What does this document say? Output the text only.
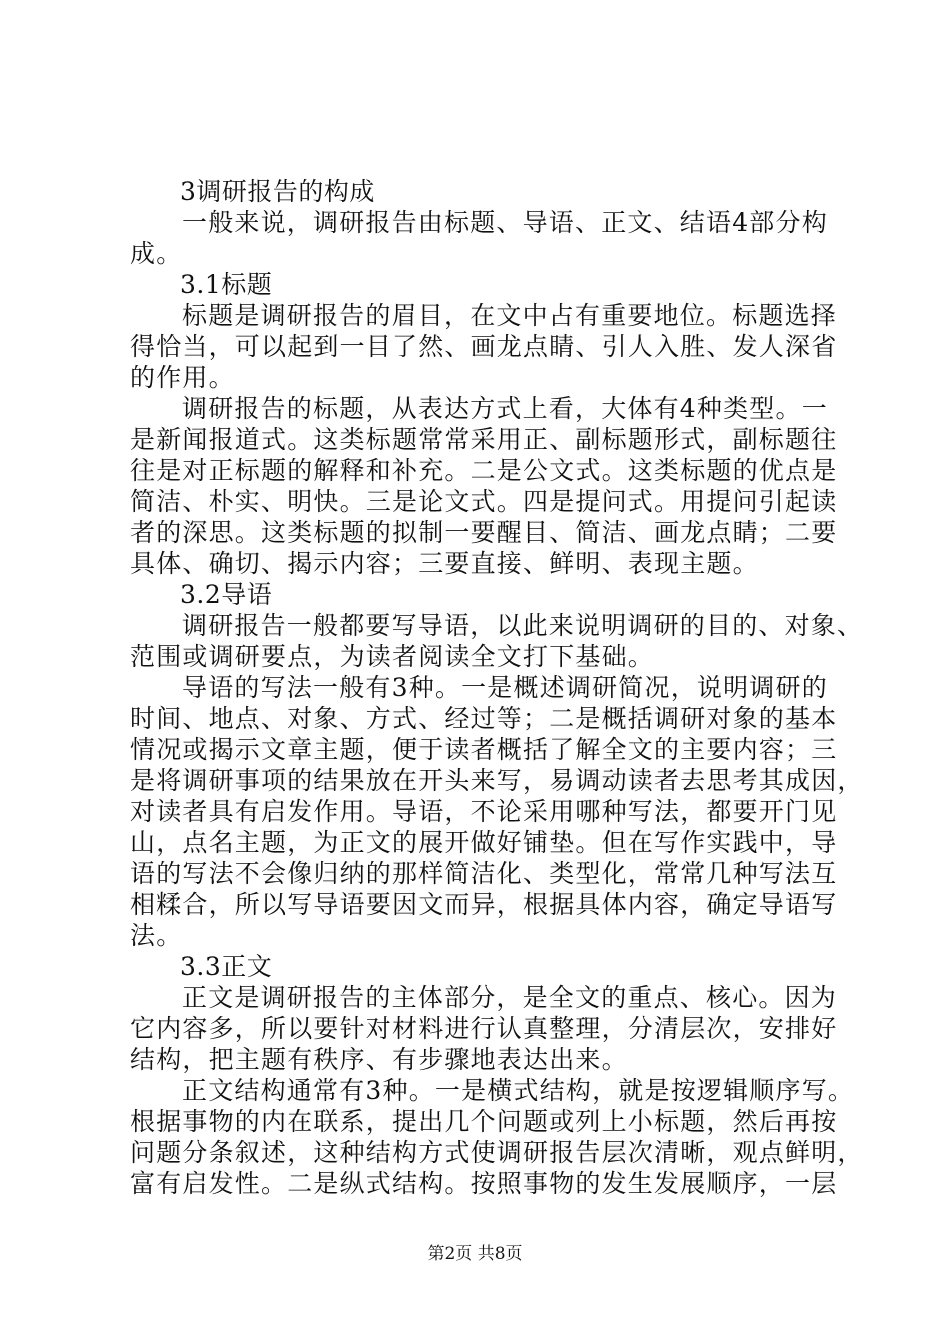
3调研报告的构成
一般来说，调研报告由标题、导语、正文、结语4部分构
成。
3.1标题
标题是调研报告的眉目，在文中占有重要地位。标题选择
得恰当，可以起到一目了然、画龙点睛、引人入胜、发人深省
的作用。
调研报告的标题，从表达方式上看，大体有4种类型。一
是新闻报道式。这类标题常常采用正、副标题形式，副标题往
往是对正标题的解释和补充。二是公文式。这类标题的优点是
简洁、朴实、明快。三是论文式。四是提问式。用提问引起读
者的深思。这类标题的拟制一要醒目、简洁、画龙点睛；二要
具体、确切、揭示内容；三要直接、鲜明、表现主题。
3.2导语
调研报告一般都要写导语，以此来说明调研的目的、对象、
范围或调研要点，为读者阅读全文打下基础。
导语的写法一般有3种。一是概述调研简况，说明调研的
时间、地点、对象、方式、经过等；二是概括调研对象的基本
情况或揭示文章主题，便于读者概括了解全文的主要内容；三
是将调研事项的结果放在开头来写，易调动读者去思考其成因，
对读者具有启发作用。导语，不论采用哪种写法，都要开门见
山，点名主题，为正文的展开做好铺垫。但在写作实践中，导
语的写法不会像归纳的那样简洁化、类型化，常常几种写法互
相糅合，所以写导语要因文而异，根据具体内容，确定导语写
法。
3.3正文
正文是调研报告的主体部分，是全文的重点、核心。因为
它内容多，所以要针对材料进行认真整理，分清层次，安排好
结构，把主题有秩序、有步骤地表达出来。
正文结构通常有3种。一是横式结构，就是按逻辑顺序写。
根据事物的内在联系，提出几个问题或列上小标题，然后再按
问题分条叙述，这种结构方式使调研报告层次清晰，观点鲜明，
富有启发性。二是纵式结构。按照事物的发生发展顺序，一层
第2页 共8页
